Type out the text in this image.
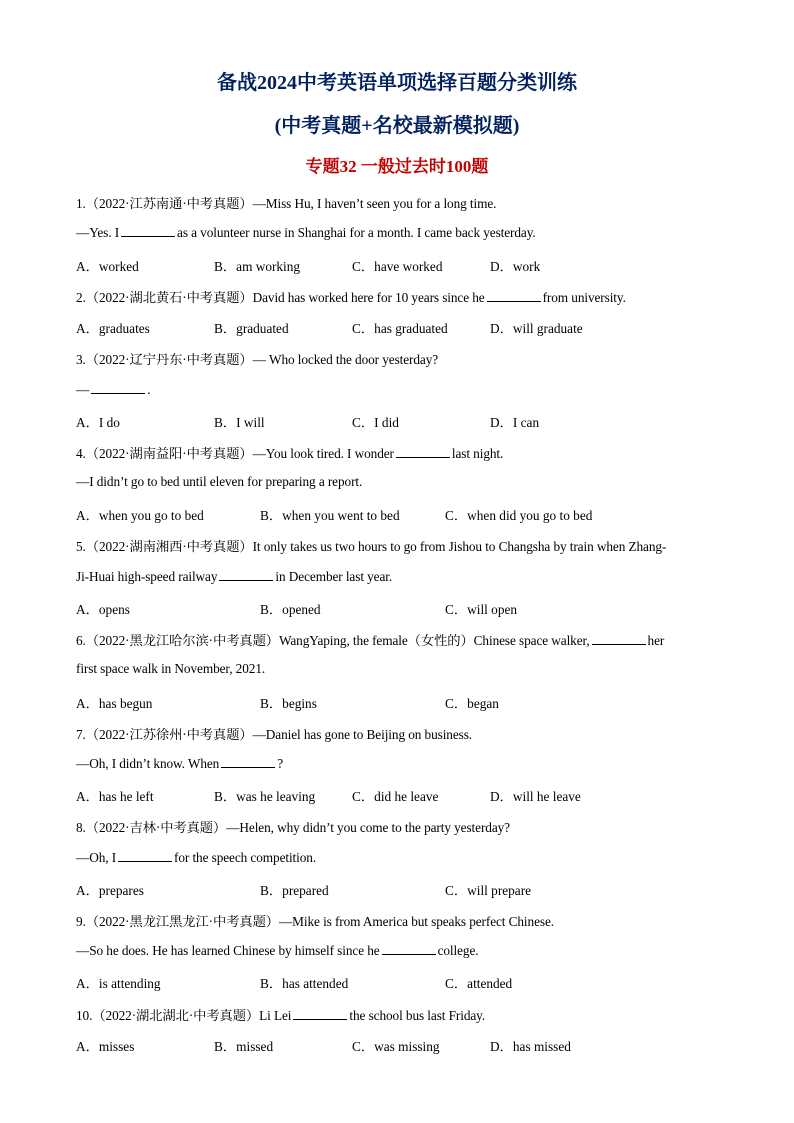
备战2024中考英语单项选择百题分类训练
(中考真题+名校最新模拟题)
专题32 一般过去时100题
1.（2022·江苏南通·中考真题）—Miss Hu, I haven’t seen you for a long time.
—Yes. I	as a volunteer nurse in Shanghai for a month. I came back yesterday.
A．worked	B．am working	C．have worked	D．work
2.（2022·湖北黄石·中考真题）David has worked here for 10 years since he	from university.
A．graduates	B．graduated	C．has graduated	D．will graduate
3.（2022·辽宁丹东·中考真题）— Who locked the door yesterday?
—	.
A．I do	B．I will	C．I did	D．I can
4.（2022·湖南益阳·中考真题）—You look tired. I wonder	last night.
—I didn’t go to bed until eleven for preparing a report.
A．when you go to bed	B．when you went to bed	C．when did you go to bed
5.（2022·湖南湘西·中考真题）It only takes us two hours to go from Jishou to Changsha by train when Zhang-
Ji-Huai high-speed railway	in December last year.
A．opens	B．opened	C．will open
6.（2022·黑龙江哈尔滨·中考真题）WangYaping, the female（女性的）Chinese space walker,	her
first space walk in November, 2021.
A．has begun	B．begins	C．began
7.（2022·江苏徐州·中考真题）—Daniel has gone to Beijing on business.
—Oh, I didn’t know. When	?
A．has he left	B．was he leaving	C．did he leave	D．will he leave
8.（2022·吉林·中考真题）—Helen, why didn’t you come to the party yesterday?
—Oh, I	for the speech competition.
A．prepares	B．prepared	C．will prepare
9.（2022·黑龙江黑龙江·中考真题）—Mike is from America but speaks perfect Chinese.
—So he does. He has learned Chinese by himself since he	college.
A．is attending	B．has attended	C．attended
10.（2022·湖北湖北·中考真题）Li Lei	the school bus last Friday.
A．misses	B．missed	C．was missing	D．has missed
